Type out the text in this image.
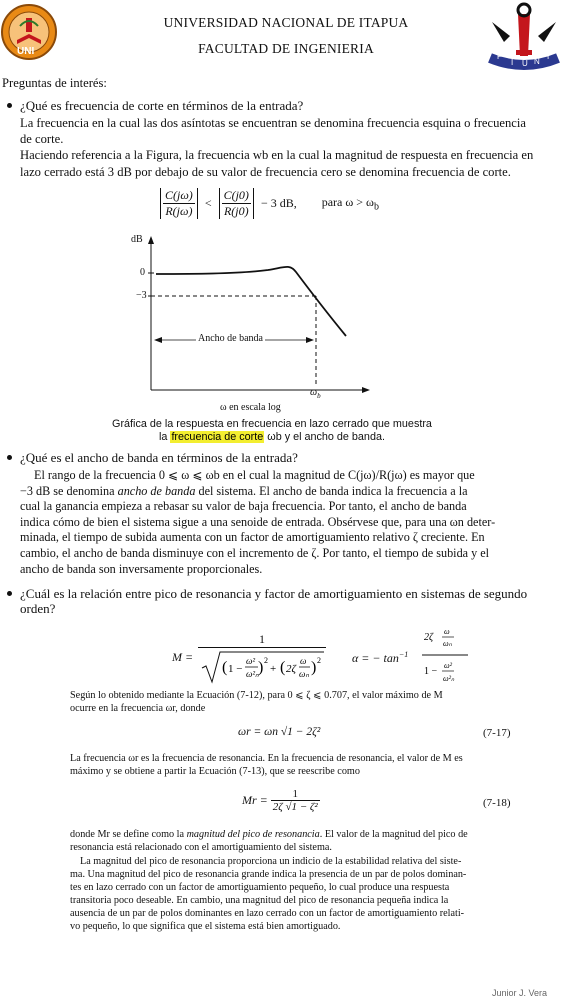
UNI
UNIVERSIDAD NACIONAL DE ITAPUA
FACULTAD DE INGENIERIA
F
I U N
I
Preguntas de interés:
¿Qué es frecuencia de corte en términos de la entrada?
La frecuencia en la cual las dos asíntotas se encuentran se denomina frecuencia esquina o frecuencia
de corte.
Haciendo referencia a la Figura, la frecuencia wb en la cual la magnitud de respuesta en frecuencia en
lazo cerrado está 3 dB por debajo de su valor de frecuencia cero se denomina frecuencia de corte.
$\frac{C(j\omega)}{R(j\omega)} < \frac{C(j0)}{R(j0)} - 3$ dB, para $\omega > \omega_b$
dB
0
−3
Ancho de banda
$\omega_b$
ω en escala log
Gráfica de la respuesta en frecuencia en lazo cerrado que muestra
la frecuencia de corte ωb y el ancho de banda.
¿Qué es el ancho de banda en términos de la entrada?
El rango de la frecuencia 0 ⩽ ω ⩽ ωb en el cual la magnitud de C(jω)/R(jω) es mayor que
−3 dB se denomina ancho de banda del sistema. El ancho de banda indica la frecuencia a la
cual la ganancia empieza a rebasar su valor de baja frecuencia. Por tanto, el ancho de banda
indica cómo de bien el sistema sigue a una senoide de entrada. Obsérvese que, para una ωn deter-
minada, el tiempo de subida aumenta con un factor de amortiguamiento relativo ζ creciente. En
cambio, el ancho de banda disminuye con el incremento de ζ. Por tanto, el tiempo de subida y el
ancho de banda son inversamente proporcionales.
¿Cuál es la relación entre pico de resonancia y factor de amortiguamiento en sistemas de segundo
orden?
M =
1
( 1 −
ω²
ω²ₙ ) 2
+ ( 2ζ
ω
ωₙ ) 2	α = − $\tan^{-1}$
2ζ
ω
ωₙ
1 −
ω²
ω²ₙ
Según lo obtenido mediante la Ecuación (7-12), para 0 ⩽ ζ ⩽ 0.707, el valor máximo de M
ocurre en la frecuencia ωr, donde
ωr = ωn √1 − 2ζ²	(7-17)
La frecuencia ωr es la frecuencia de resonancia. En la frecuencia de resonancia, el valor de M es
máximo y se obtiene a partir la Ecuación (7-13), que se reescribe como
$Mr = \frac{1}{\text{2ζ √1 − ζ²}}$	(7-18)
donde Mr se define como la magnitud del pico de resonancia. El valor de la magnitud del pico de
resonancia está relacionado con el amortiguamiento del sistema.
La magnitud del pico de resonancia proporciona un indicio de la estabilidad relativa del siste-
ma. Una magnitud del pico de resonancia grande indica la presencia de un par de polos dominan-
tes en lazo cerrado con un factor de amortiguamiento pequeño, lo cual produce una respuesta
transitoria poco deseable. En cambio, una magnitud del pico de resonancia pequeña indica la
ausencia de un par de polos dominantes en lazo cerrado con un factor de amortiguamiento relati-
vo pequeño, lo que significa que el sistema está bien amortiguado.
Junior J. Vera
